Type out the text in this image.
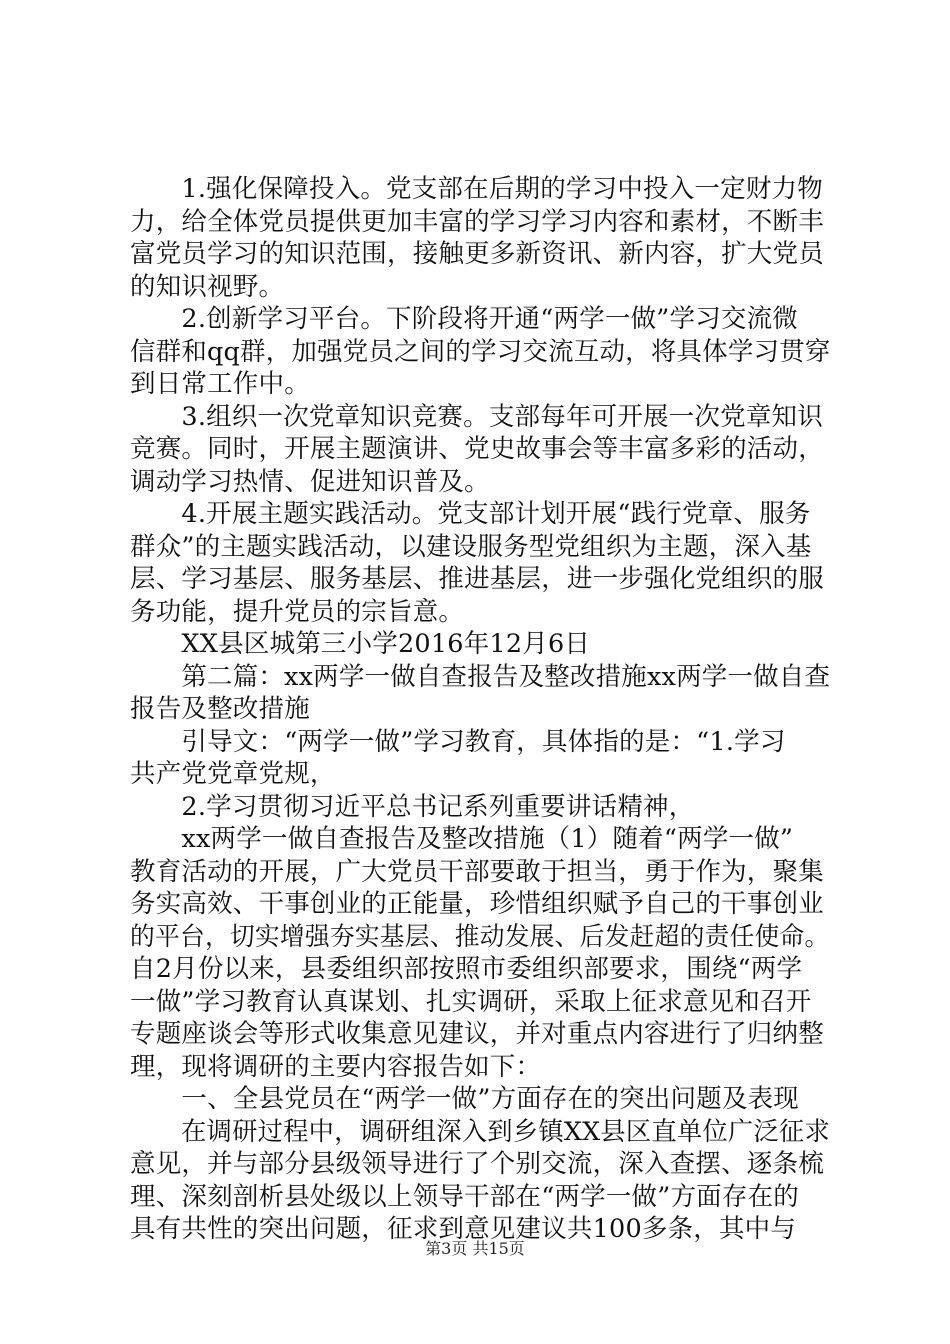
　　1.强化保障投入。党支部在后期的学习中投入一定财力物
力，给全体党员提供更加丰富的学习学习内容和素材，不断丰
富党员学习的知识范围，接触更多新资讯、新内容，扩大党员
的知识视野。
　　2.创新学习平台。下阶段将开通“两学一做”学习交流微
信群和qq群，加强党员之间的学习交流互动，将具体学习贯穿
到日常工作中。
　　3.组织一次党章知识竞赛。支部每年可开展一次党章知识
竞赛。同时，开展主题演讲、党史故事会等丰富多彩的活动，
调动学习热情、促进知识普及。
　　4.开展主题实践活动。党支部计划开展“践行党章、服务
群众”的主题实践活动，以建设服务型党组织为主题，深入基
层、学习基层、服务基层、推进基层，进一步强化党组织的服
务功能，提升党员的宗旨意。
　　XX县区城第三小学2016年12月6日
　　第二篇：xx两学一做自查报告及整改措施xx两学一做自查
报告及整改措施
　　引导文：“两学一做”学习教育，具体指的是：“1.学习
共产党党章党规，
　　2.学习贯彻习近平总书记系列重要讲话精神，
　　xx两学一做自查报告及整改措施（1）随着“两学一做”
教育活动的开展，广大党员干部要敢于担当，勇于作为，聚集
务实高效、干事创业的正能量，珍惜组织赋予自己的干事创业
的平台，切实增强夯实基层、推动发展、后发赶超的责任使命。
自2月份以来，县委组织部按照市委组织部要求，围绕“两学
一做”学习教育认真谋划、扎实调研，采取上征求意见和召开
专题座谈会等形式收集意见建议，并对重点内容进行了归纳整
理，现将调研的主要内容报告如下：
　　一、全县党员在“两学一做”方面存在的突出问题及表现
　　在调研过程中，调研组深入到乡镇XX县区直单位广泛征求
意见，并与部分县级领导进行了个别交流，深入查摆、逐条梳
理、深刻剖析县处级以上领导干部在“两学一做”方面存在的
具有共性的突出问题，征求到意见建议共100多条，其中与
第3页 共15页
